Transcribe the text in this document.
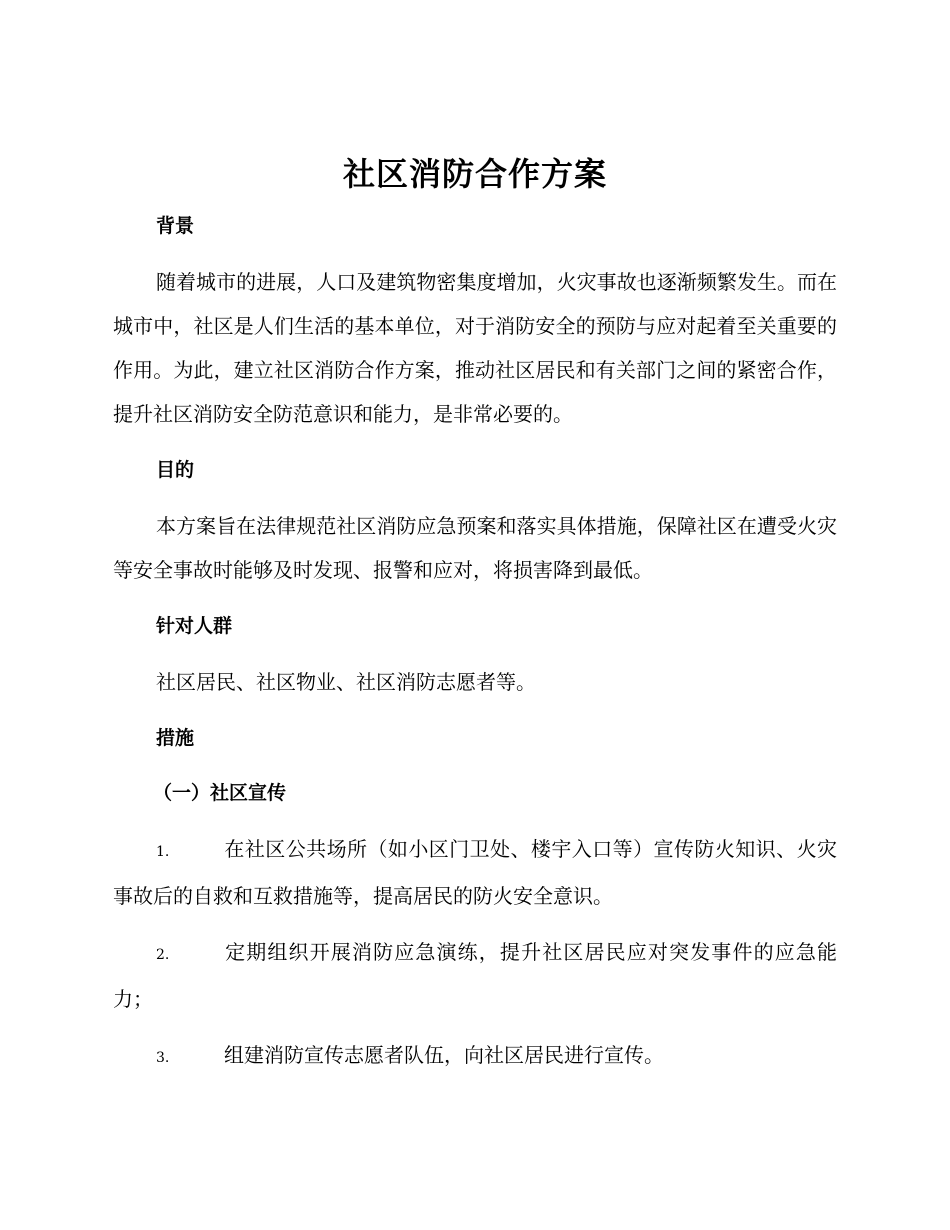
社区消防合作方案
背景

随着城市的进展，人口及建筑物密集度增加，火灾事故也逐渐频繁发生。而在城市中，社区是人们生活的基本单位，对于消防安全的预防与应对起着至关重要的作用。为此，建立社区消防合作方案，推动社区居民和有关部门之间的紧密合作，提升社区消防安全防范意识和能力，是非常必要的。

目的

本方案旨在法律规范社区消防应急预案和落实具体措施，保障社区在遭受火灾等安全事故时能够及时发现、报警和应对，将损害降到最低。

针对人群

社区居民、社区物业、社区消防志愿者等。

措施
（一）社区宣传

1.	在社区公共场所（如小区门卫处、楼宇入口等）宣传防火知识、火灾事故后的自救和互救措施等，提高居民的防火安全意识。

2.	定期组织开展消防应急演练，提升社区居民应对突发事件的应急能力；

3.	组建消防宣传志愿者队伍，向社区居民进行宣传。
